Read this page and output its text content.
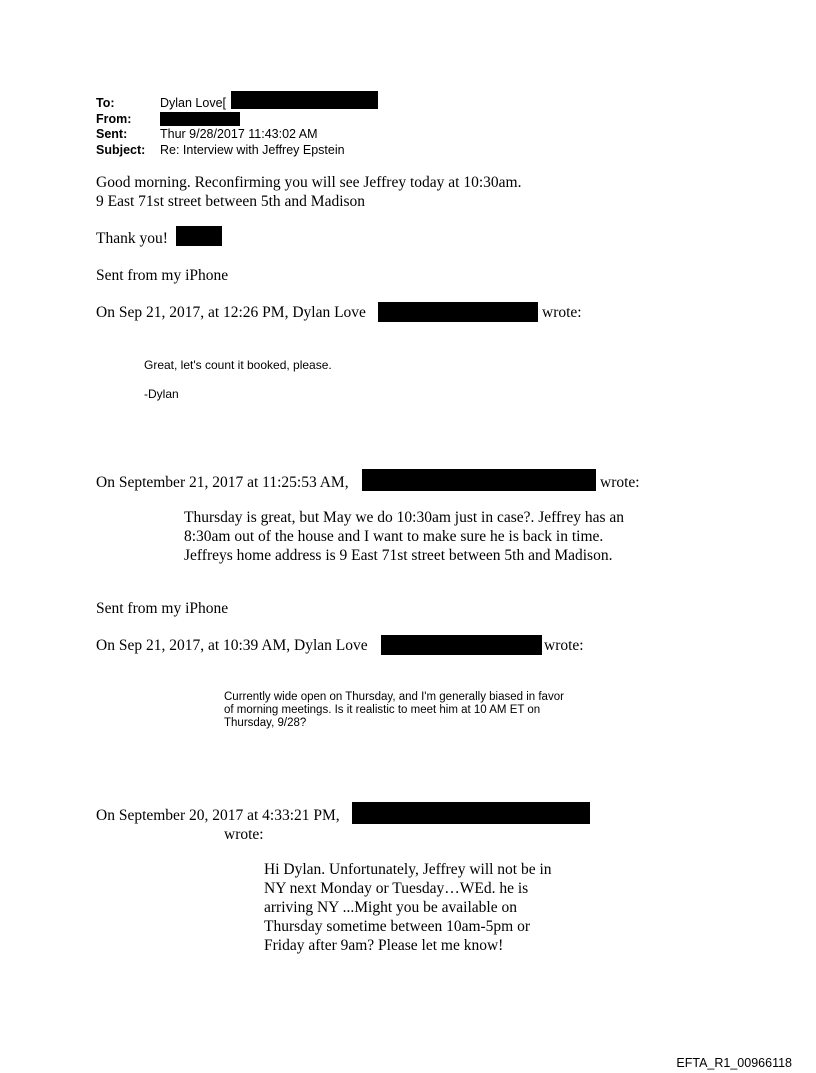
To:	Dylan Love[
From:
Sent:	Thur 9/28/2017 11:43:02 AM
Subject: Re: Interview with Jeffrey Epstein
Good morning. Reconfirming you will see Jeffrey today at 10:30am.
9 East 71st street between 5th and Madison
Thank you!
Sent from my iPhone
On Sep 21, 2017, at 12:26 PM, Dylan Love	wrote:
Great, let's count it booked, please.
-Dylan
On September 21, 2017 at 11:25:53 AM,	wrote:
Thursday is great, but May we do 10:30am just in case?. Jeffrey has an 8:30am out of the house and I want to make sure he is back in time. Jeffreys home address is 9 East 71st street between 5th and Madison.
Sent from my iPhone
On Sep 21, 2017, at 10:39 AM, Dylan Love	wrote:
Currently wide open on Thursday, and I'm generally biased in favor of morning meetings. Is it realistic to meet him at 10 AM ET on Thursday, 9/28?
On September 20, 2017 at 4:33:21 PM,
wrote:
Hi Dylan. Unfortunately, Jeffrey will not be in NY next Monday or Tuesday…WEd. he is arriving NY ...Might you be available on Thursday sometime between 10am-5pm or Friday after 9am? Please let me know!
EFTA_R1_00966118
